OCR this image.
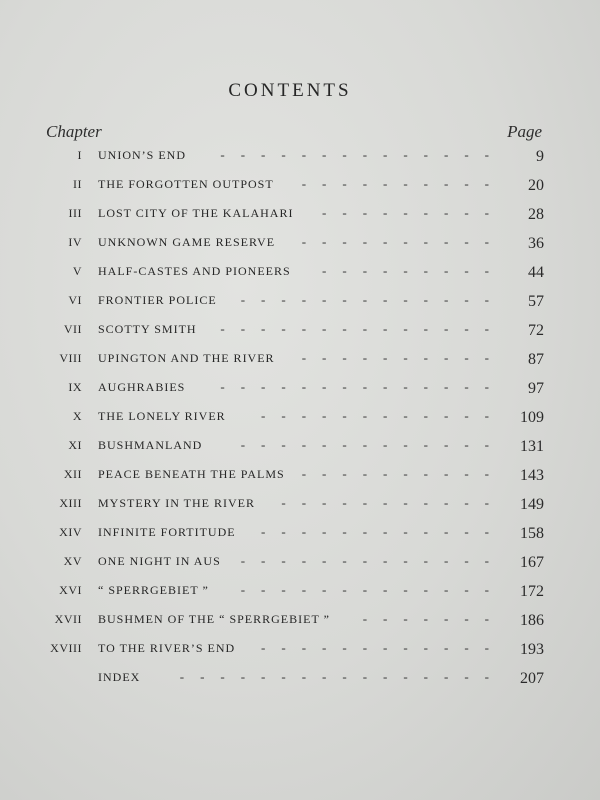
CONTENTS
Chapter	Page
I UNION’S END	--------------	9
II THE FORGOTTEN OUTPOST ----------	20
III LOST CITY OF THE KALAHARI ---------	28
IV UNKNOWN GAME RESERVE ----------	36
V HALF-CASTES AND PIONEERS ---------	44
VI FRONTIER POLICE -------------	57
VII SCOTTY SMITH --------------	72
VIII UPINGTON AND THE RIVER ----------	87
IX AUGHRABIES	--------------	97
X THE LONELY RIVER	------------ 109
XI BUSHMANLAND	------------- 131
XII PEACE BENEATH THE PALMS ---------- 143
XIII MYSTERY IN THE RIVER ----------- 149
XIV INFINITE FORTITUDE ------------ 158
XV ONE NIGHT IN AUS ------------- 167
XVI “ SPERRGEBIET ” ------------- 172
XVII BUSHMEN OF THE “ SPERRGEBIET ”	------- 186
XVIII TO THE RIVER’S END ------------ 193
INDEX	---------------- 207
